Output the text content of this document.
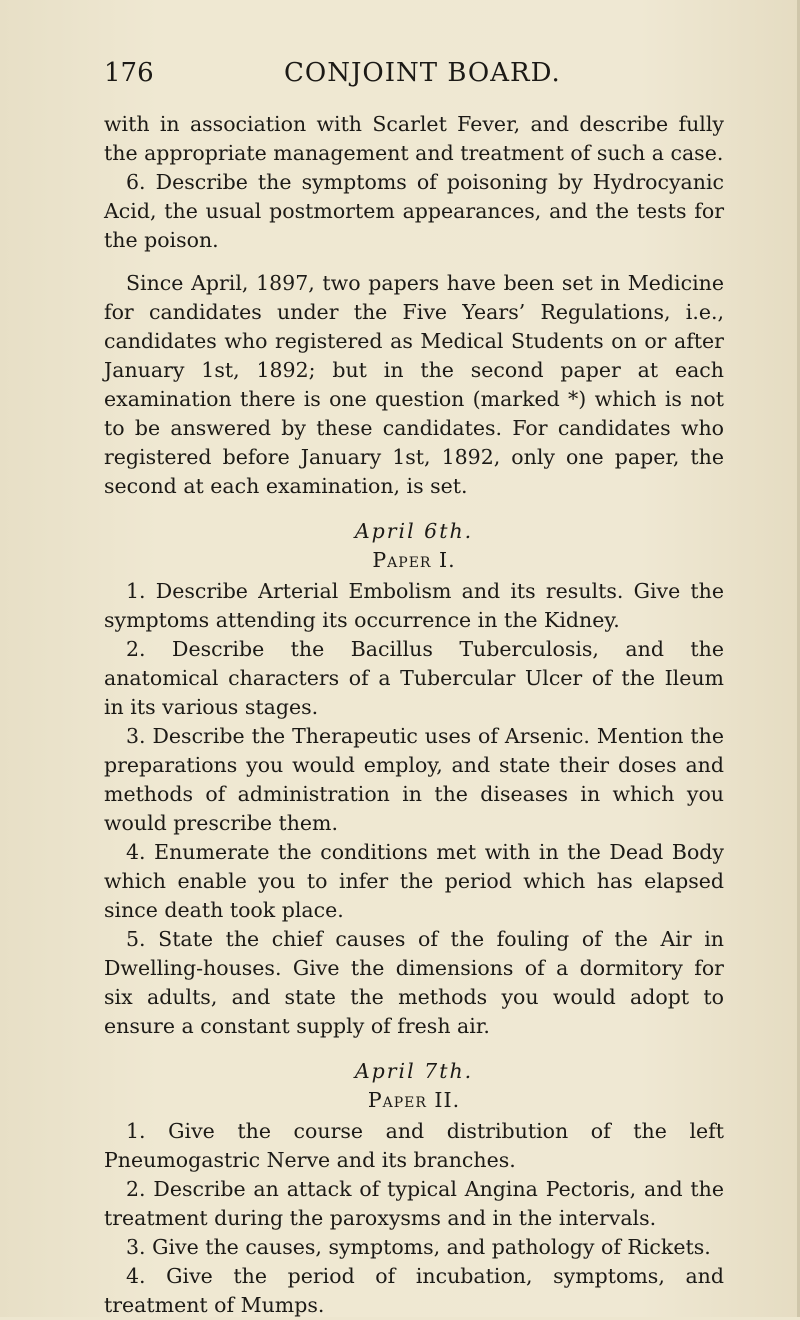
176	CONJOINT BOARD.

with in association with Scarlet Fever, and describe fully the appropriate management and treatment of such a case.

6. Describe the symptoms of poisoning by Hydrocyanic Acid, the usual postmortem appearances, and the tests for the poison.

Since April, 1897, two papers have been set in Medicine for candidates under the Five Years’ Regulations, i.e., candidates who registered as Medical Students on or after January 1st, 1892; but in the second paper at each examination there is one question (marked *) which is not to be answered by these candidates. For candidates who registered before January 1st, 1892, only one paper, the second at each examination, is set.

April 6th.

Paper I.

1. Describe Arterial Embolism and its results. Give the symptoms attending its occurrence in the Kidney.

2. Describe the Bacillus Tuberculosis, and the anatomical characters of a Tubercular Ulcer of the Ileum in its various stages.

3. Describe the Therapeutic uses of Arsenic. Mention the preparations you would employ, and state their doses and methods of administration in the diseases in which you would prescribe them.

4. Enumerate the conditions met with in the Dead Body which enable you to infer the period which has elapsed since death took place.

5. State the chief causes of the fouling of the Air in Dwelling-houses. Give the dimensions of a dormitory for six adults, and state the methods you would adopt to ensure a constant supply of fresh air.

April 7th.

Paper II.

1. Give the course and distribution of the left Pneumogastric Nerve and its branches.

2. Describe an attack of typical Angina Pectoris, and the treatment during the paroxysms and in the intervals.

3. Give the causes, symptoms, and pathology of Rickets.

4. Give the period of incubation, symptoms, and treatment of Mumps.
